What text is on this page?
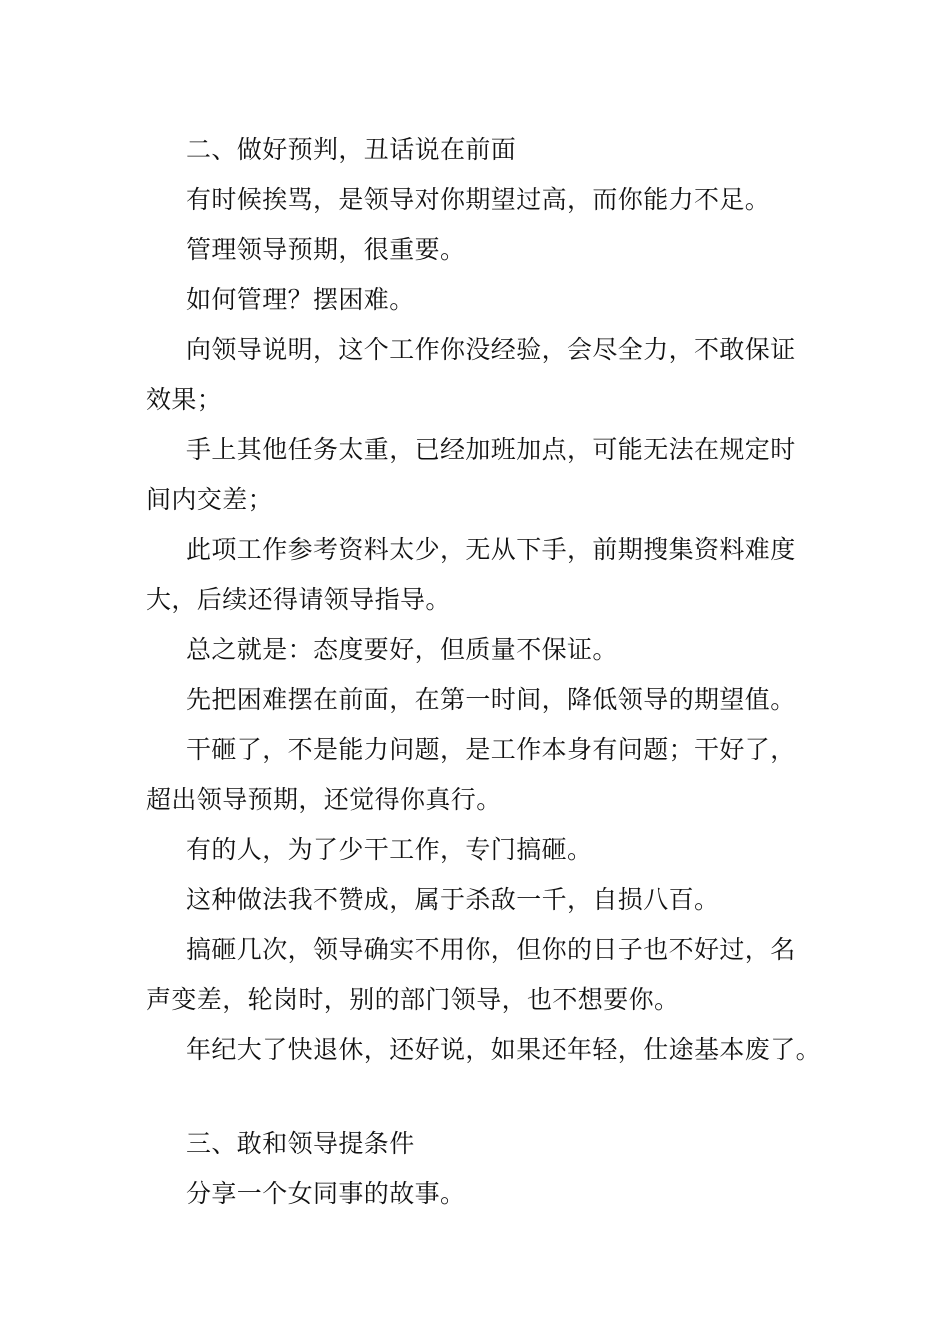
二、做好预判，丑话说在前面
有时候挨骂，是领导对你期望过高，而你能力不足。
管理领导预期，很重要。
如何管理？摆困难。
向领导说明，这个工作你没经验，会尽全力，不敢保证
效果；
手上其他任务太重，已经加班加点，可能无法在规定时
间内交差；
此项工作参考资料太少，无从下手，前期搜集资料难度
大，后续还得请领导指导。
总之就是：态度要好，但质量不保证。
先把困难摆在前面，在第一时间，降低领导的期望值。
干砸了，不是能力问题，是工作本身有问题；干好了，
超出领导预期，还觉得你真行。
有的人，为了少干工作，专门搞砸。
这种做法我不赞成，属于杀敌一千，自损八百。
搞砸几次，领导确实不用你，但你的日子也不好过，名
声变差，轮岗时，别的部门领导，也不想要你。
年纪大了快退休，还好说，如果还年轻，仕途基本废了。
三、敢和领导提条件
分享一个女同事的故事。
